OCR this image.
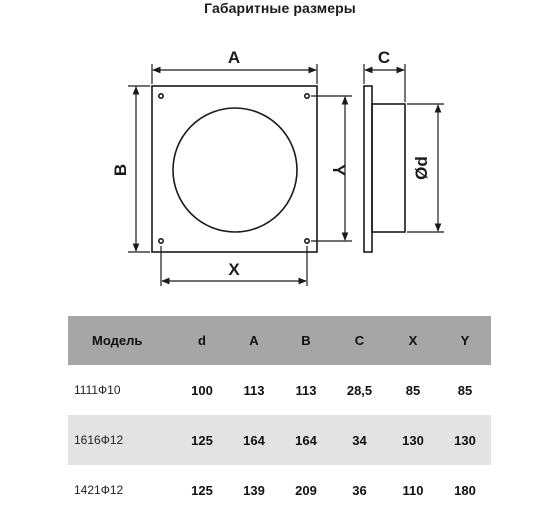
Габаритные размеры
A
B
X
Y
C
Ød
Модель	d	A	B	C	X	Y
1111Ф10	100	113	113	28,5	85	85
1616Ф12	125	164	164	34	130	130
1421Ф12	125	139	209	36	110	180
